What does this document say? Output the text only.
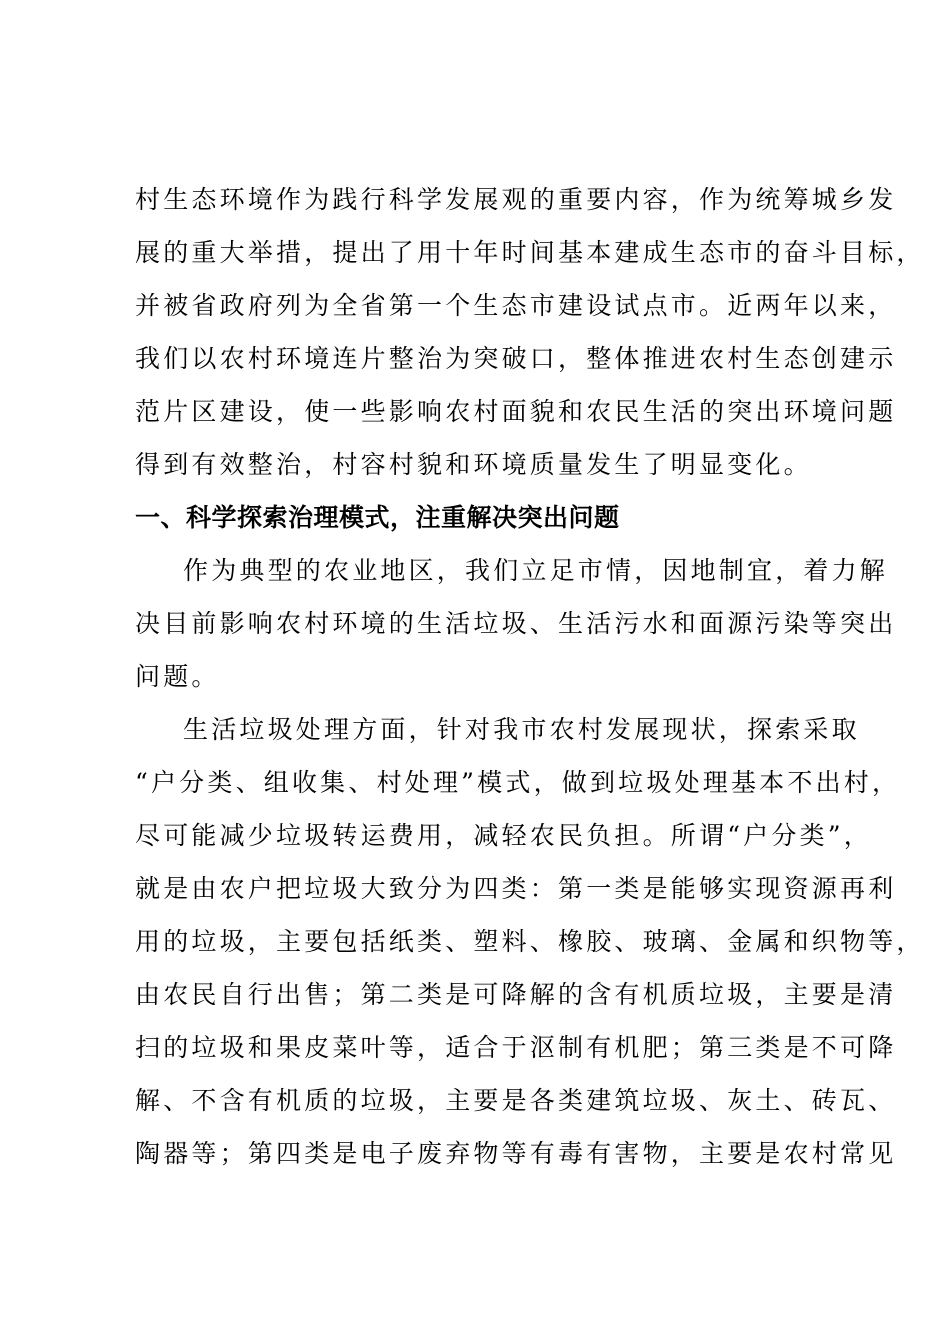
村生态环境作为践行科学发展观的重要内容，作为统筹城乡发
展的重大举措，提出了用十年时间基本建成生态市的奋斗目标，
并被省政府列为全省第一个生态市建设试点市。近两年以来，
我们以农村环境连片整治为突破口，整体推进农村生态创建示
范片区建设，使一些影响农村面貌和农民生活的突出环境问题
得到有效整治，村容村貌和环境质量发生了明显变化。
一、科学探索治理模式，注重解决突出问题
作为典型的农业地区，我们立足市情，因地制宜，着力解
决目前影响农村环境的生活垃圾、生活污水和面源污染等突出
问题。
生活垃圾处理方面，针对我市农村发展现状，探索采取
“户分类、组收集、村处理”模式，做到垃圾处理基本不出村，
尽可能减少垃圾转运费用，减轻农民负担。所谓“户分类”，
就是由农户把垃圾大致分为四类：第一类是能够实现资源再利
用的垃圾，主要包括纸类、塑料、橡胶、玻璃、金属和织物等，
由农民自行出售；第二类是可降解的含有机质垃圾，主要是清
扫的垃圾和果皮菜叶等，适合于沤制有机肥；第三类是不可降
解、不含有机质的垃圾，主要是各类建筑垃圾、灰土、砖瓦、
陶器等；第四类是电子废弃物等有毒有害物，主要是农村常见
